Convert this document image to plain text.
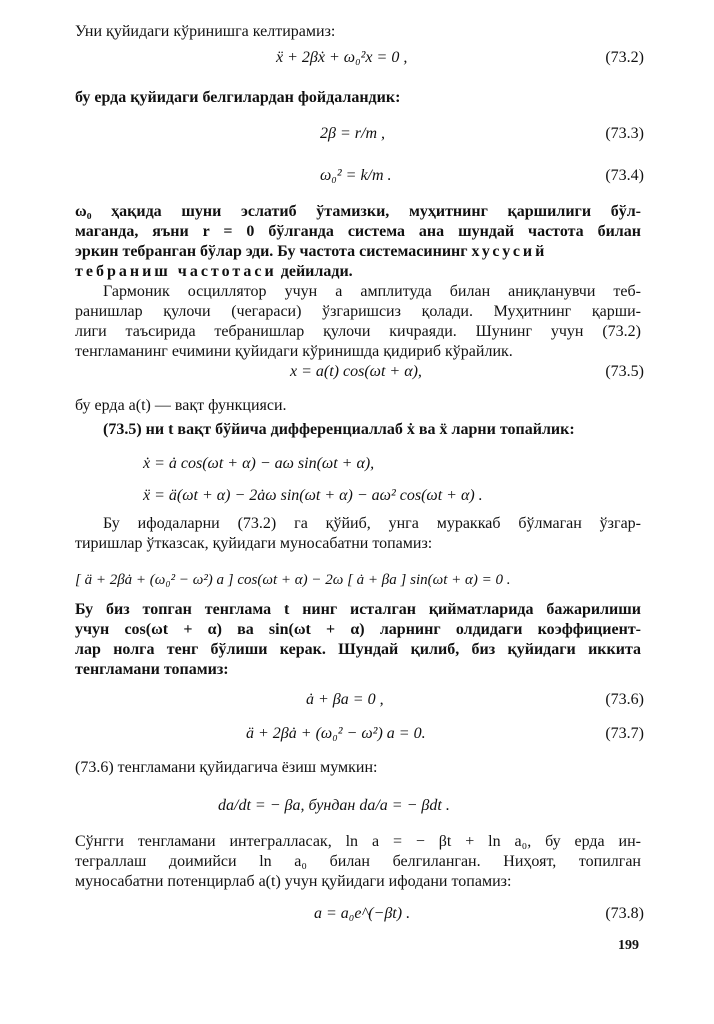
Уни қуйидаги кўринишга келтирамиз:
ẍ + 2βẋ + ω₀²x = 0 ,	(73.2)
бу ерда қуйидаги белгилардан фойдаландик:
2β = r/m ,	(73.3)
ω₀² = k/m .	(73.4)
ω₀ ҳақида шуни эслатиб ўтамизки, муҳитнинг қаршилиги бўл-
маганда, яъни r = 0 бўлганда система ана шундай частота билан
эркин тебранган бўлар эди. Бу частота системасининг хусусий
тебраниш частотаси дейилади.
Гармоник осциллятор учун a амплитуда билан аниқланувчи теб-
ранишлар қулочи (чегараси) ўзгаришсиз қолади. Муҳитнинг қарши-
лиги таъсирида тебранишлар қулочи кичраяди. Шунинг учун (73.2)
тенгламанинг ечимини қуйидаги кўринишда қидириб кўрайлик.
x = a(t) cos(ωt + α),	(73.5)
бу ерда a(t) — вақт функцияси.
(73.5) ни t вақт бўйича дифференциаллаб ẋ ва ẍ ларни топайлик:
ẋ = ȧ cos(ωt + α) − aω sin(ωt + α),
ẍ = ä(ωt + α) − 2ȧω sin(ωt + α) − aω² cos(ωt + α) .
Бу ифодаларни (73.2) га қўйиб, унга мураккаб бўлмаган ўзгар-
тиришлар ўтказсак, қуйидаги муносабатни топамиз:
[ ä + 2βȧ + (ω₀² − ω²) a ] cos(ωt + α) − 2ω [ ȧ + βa ] sin(ωt + α) = 0 .
Бу биз топган тенглама t нинг исталган қийматларида бажарилиши
учун cos(ωt + α) ва sin(ωt + α) ларнинг олдидаги коэффициент-
лар нолга тенг бўлиши керак. Шундай қилиб, биз қуйидаги иккита
тенгламани топамиз:
ȧ + βa = 0 ,	(73.6)
ä + 2βȧ + (ω₀² − ω²) a = 0.	(73.7)
(73.6) тенгламани қуйидагича ёзиш мумкин:
da/dt = − βa, бундан da/a = − βdt .
Сўнгги тенгламани интегралласак, ln a = − βt + ln a₀, бу ерда ин-
теграллаш доимийси ln a₀ билан белгиланган. Ниҳоят, топилган
муносабатни потенцирлаб a(t) учун қуйидаги ифодани топамиз:
a = a₀e^(−βt) .	(73.8)
199
